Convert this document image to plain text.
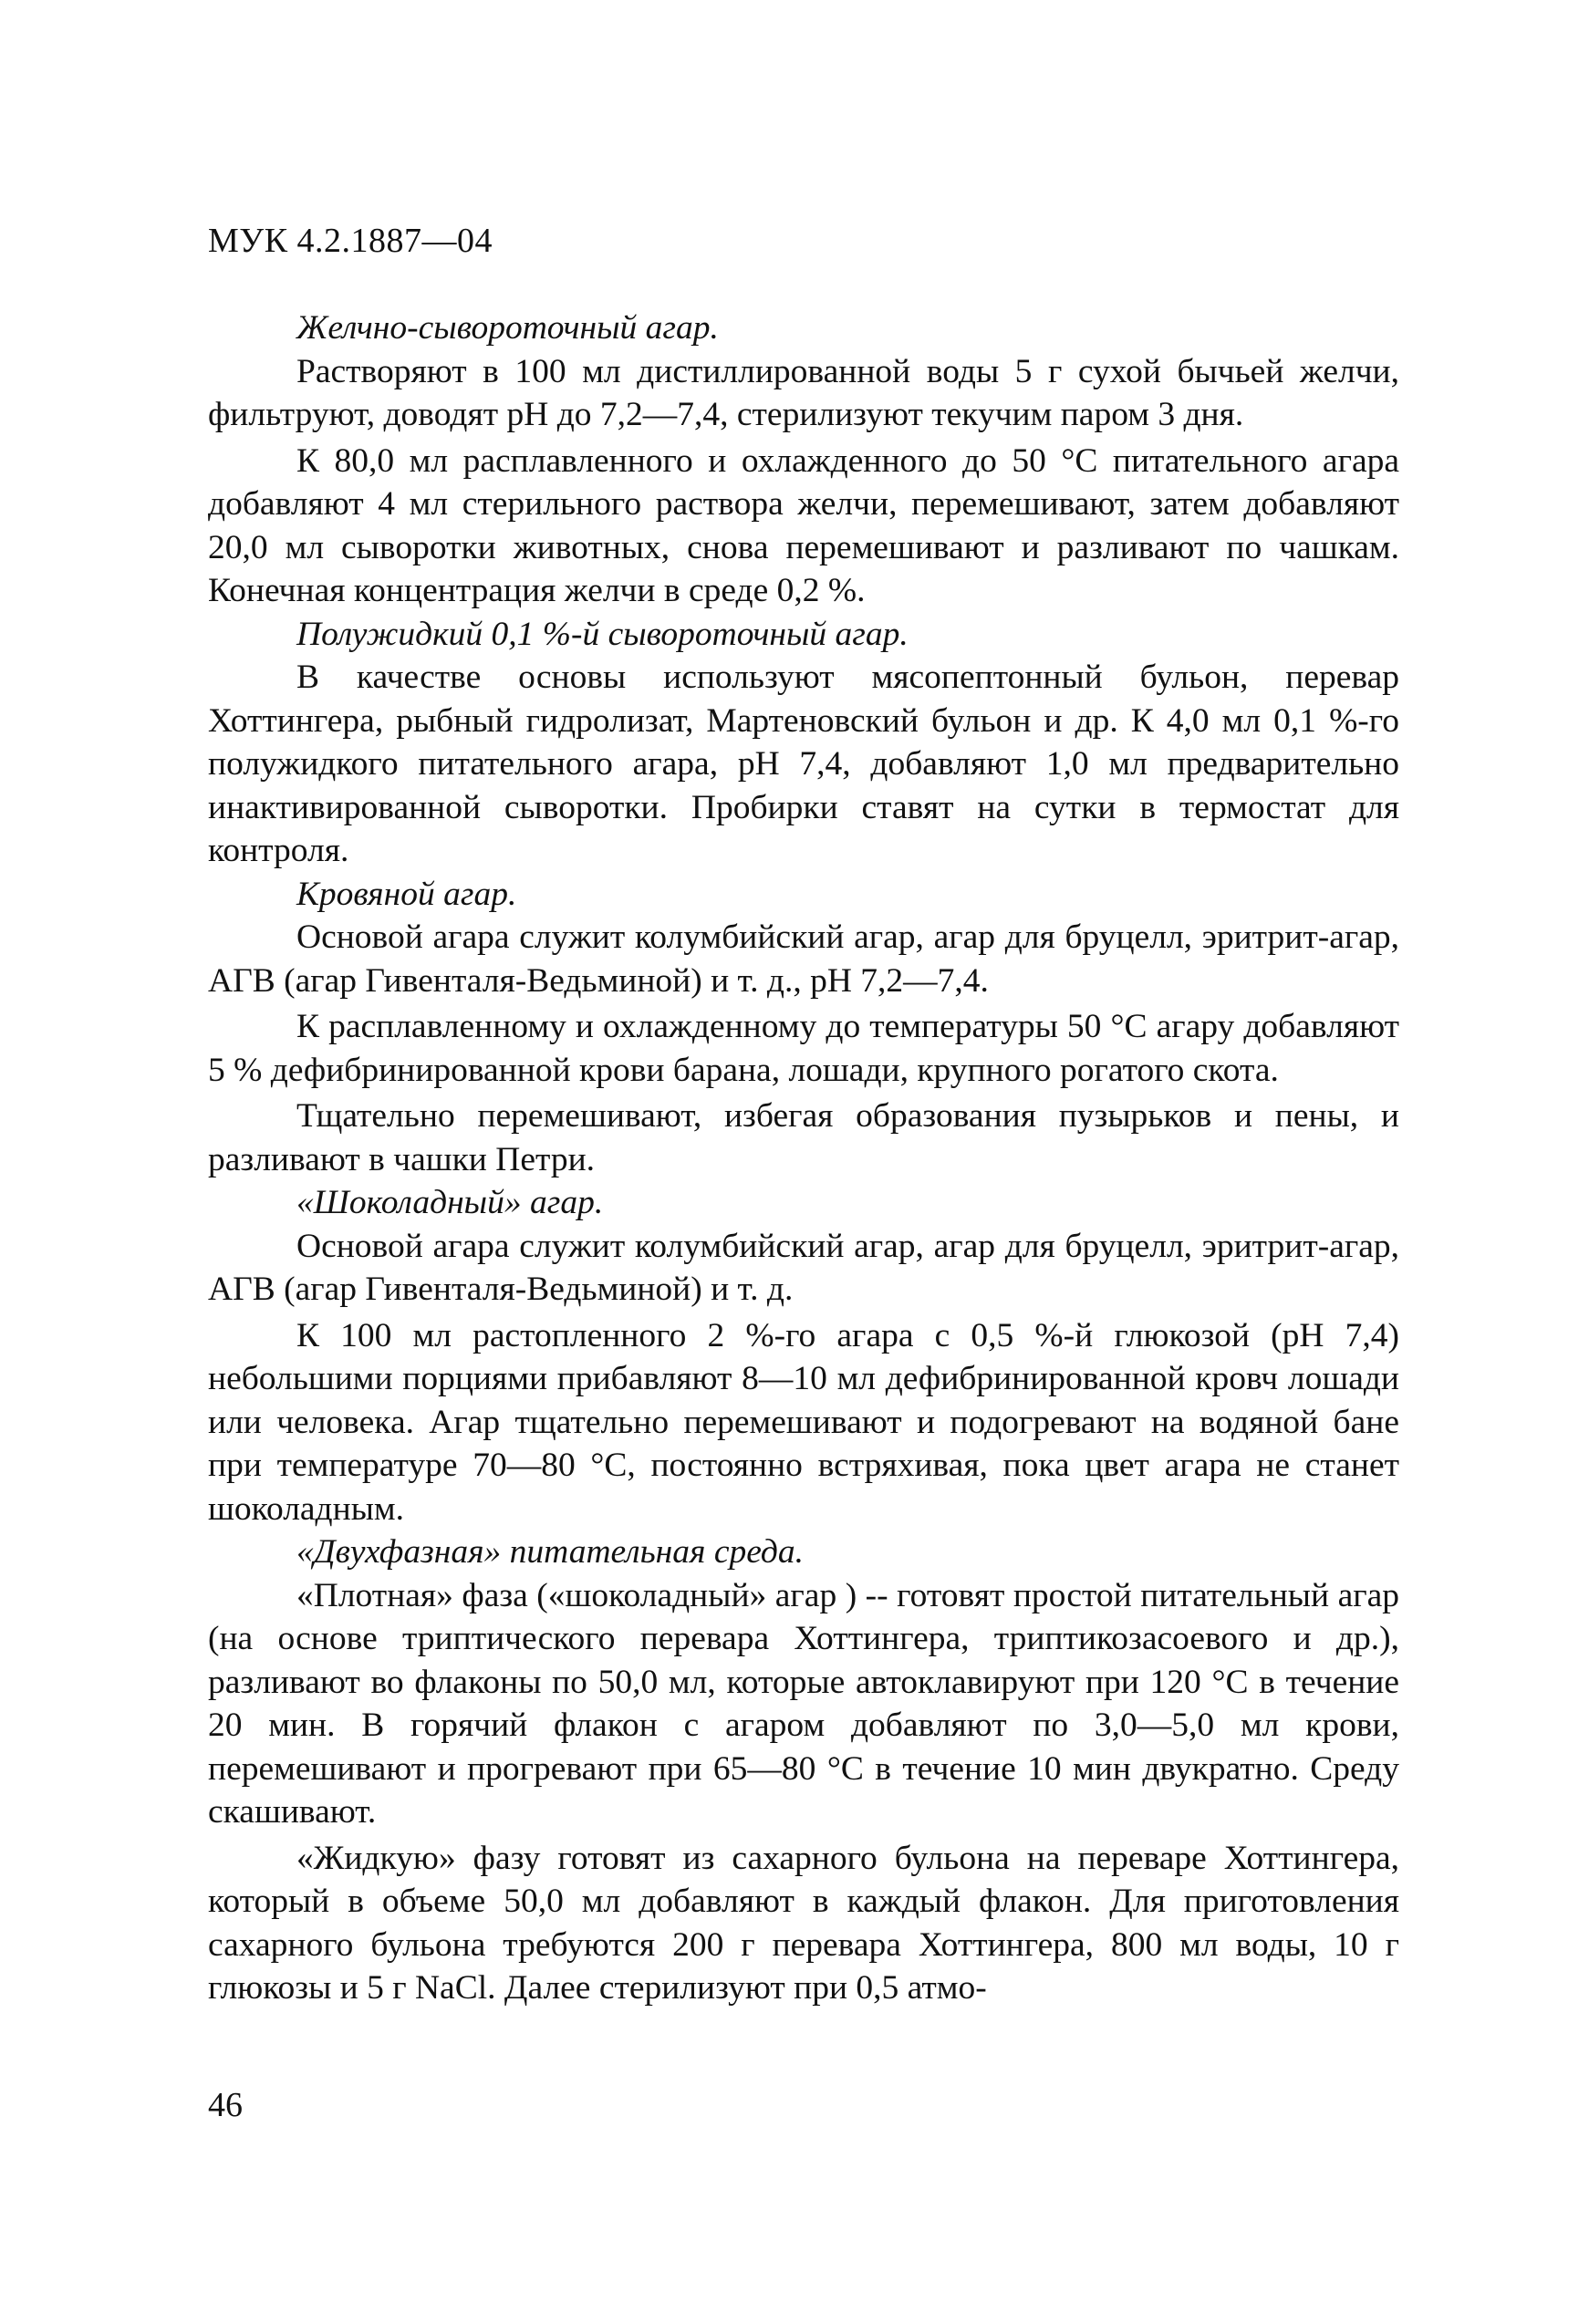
МУК 4.2.1887—04

Желчно-сывороточный агар.

Растворяют в 100 мл дистиллированной воды 5 г сухой бычьей желчи, фильтруют, доводят рН до 7,2—7,4, стерилизуют текучим паром 3 дня.

К 80,0 мл расплавленного и охлажденного до 50 °С питательного агара добавляют 4 мл стерильного раствора желчи, перемешивают, затем добавляют 20,0 мл сыворотки животных, снова перемешивают и разливают по чашкам. Конечная концентрация желчи в среде 0,2 %.

Полужидкий 0,1 %-й сывороточный агар.

В качестве основы используют мясопептонный бульон, перевар Хоттингера, рыбный гидролизат, Мартеновский бульон и др. К 4,0 мл 0,1 %-го полужидкого питательного агара, рН 7,4, добавляют 1,0 мл предварительно инактивированной сыворотки. Пробирки ставят на сутки в термостат для контроля.

Кровяной агар.

Основой агара служит колумбийский агар, агар для бруцелл, эритрит-агар, АГВ (агар Гивенталя-Ведьминой) и т. д., рН 7,2—7,4.

К расплавленному и охлажденному до температуры 50 °С агару добавляют 5 % дефибринированной крови барана, лошади, крупного рогатого скота.

Тщательно перемешивают, избегая образования пузырьков и пены, и разливают в чашки Петри.

«Шоколадный» агар.

Основой агара служит колумбийский агар, агар для бруцелл, эритрит-агар, АГВ (агар Гивенталя-Ведьминой) и т. д.

К 100 мл растопленного 2 %-го агара с 0,5 %-й глюкозой (рН 7,4) небольшими порциями прибавляют 8—10 мл дефибринированной кровч лошади или человека. Агар тщательно перемешивают и подогревают на водяной бане при температуре 70—80 °С, постоянно встряхивая, пока цвет агара не станет шоколадным.

«Двухфазная» питательная среда.

«Плотная» фаза («шоколадный» агар ) -- готовят простой питательный агар (на основе триптического перевара Хоттингера, триптикозасоевого и др.), разливают во флаконы по 50,0 мл, которые автоклавируют при 120 °С в течение 20 мин. В горячий флакон с агаром добавляют по 3,0—5,0 мл крови, перемешивают и прогревают при 65—80 °С в течение 10 мин двукратно. Среду скашивают.

«Жидкую» фазу готовят из сахарного бульона на переваре Хоттингера, который в объеме 50,0 мл добавляют в каждый флакон. Для приготовления сахарного бульона требуются 200 г перевара Хоттингера, 800 мл воды, 10 г глюкозы и 5 г NaCl. Далее стерилизуют при 0,5 атмо-

46
